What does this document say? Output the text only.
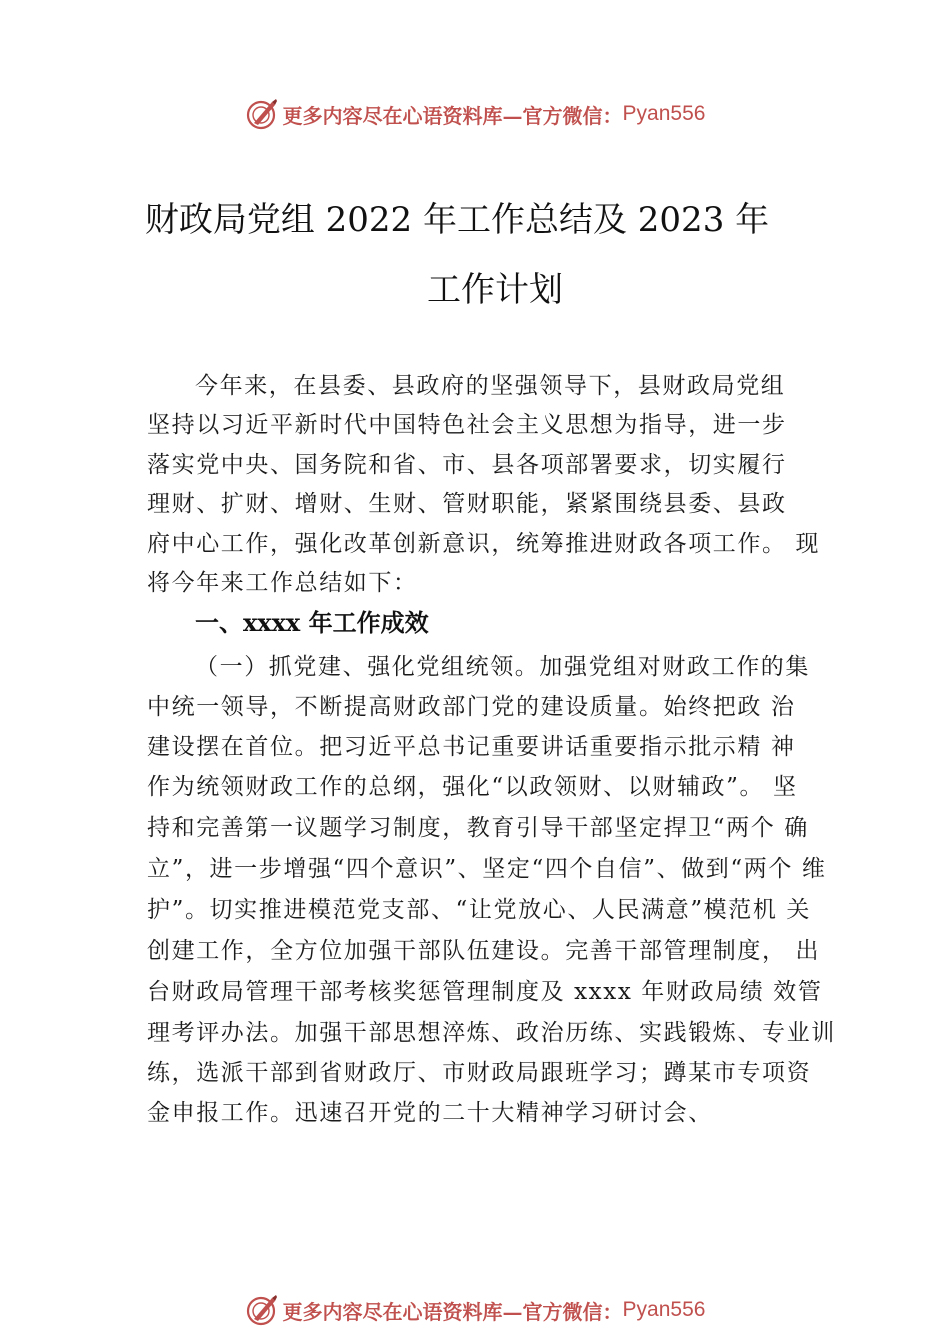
更多内容尽在心语资料库—官方微信： Pyan556
财政局党组 2022 年工作总结及 2023 年
工作计划
今年来，在县委、县政府的坚强领导下，县财政局党组
坚持以习近平新时代中国特色社会主义思想为指导，进一步
落实党中央、国务院和省、市、县各项部署要求，切实履行
理财、扩财、增财、生财、管财职能，紧紧围绕县委、县政
府中心工作，强化改革创新意识，统筹推进财政各项工作。 现
将今年来工作总结如下：
一、xxxx 年工作成效
（一）抓党建、强化党组统领。加强党组对财政工作的集
中统一领导，不断提高财政部门党的建设质量。始终把政 治
建设摆在首位。把习近平总书记重要讲话重要指示批示精 神
作为统领财政工作的总纲，强化“以政领财、以财辅政”。 坚
持和完善第一议题学习制度，教育引导干部坚定捍卫“两个 确
立”，进一步增强“四个意识”、坚定“四个自信”、做到“两个 维
护”。切实推进模范党支部、“让党放心、人民满意”模范机 关
创建工作，全方位加强干部队伍建设。完善干部管理制度， 出
台财政局管理干部考核奖惩管理制度及 xxxx 年财政局绩 效管
理考评办法。加强干部思想淬炼、政治历练、实践锻炼、专业训
练，选派干部到省财政厅、市财政局跟班学习；蹲某市专项资
金申报工作。迅速召开党的二十大精神学习研讨会、
更多内容尽在心语资料库—官方微信： Pyan556
